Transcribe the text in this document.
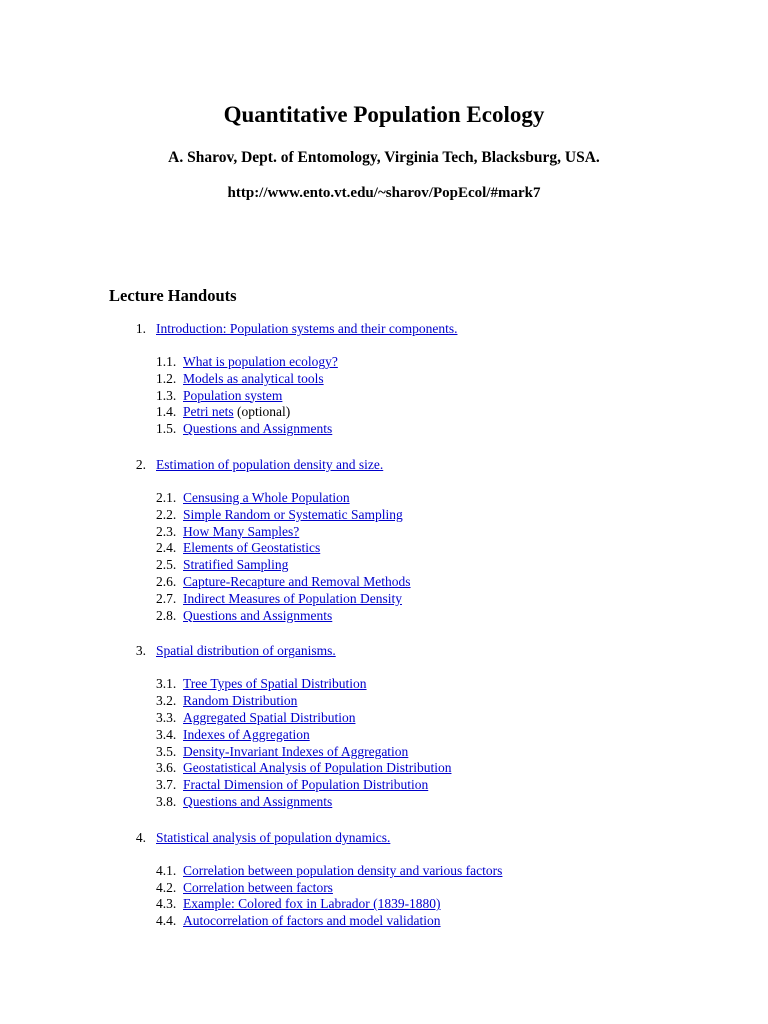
Quantitative Population Ecology
A. Sharov, Dept. of Entomology, Virginia Tech, Blacksburg, USA.
http://www.ento.vt.edu/~sharov/PopEcol/#mark7
Lecture Handouts
1. Introduction: Population systems and their components.
1.1. What is population ecology?
1.2. Models as analytical tools
1.3. Population system
1.4. Petri nets (optional)
1.5. Questions and Assignments
2. Estimation of population density and size.
2.1. Censusing a Whole Population
2.2. Simple Random or Systematic Sampling
2.3. How Many Samples?
2.4. Elements of Geostatistics
2.5. Stratified Sampling
2.6. Capture-Recapture and Removal Methods
2.7. Indirect Measures of Population Density
2.8. Questions and Assignments
3. Spatial distribution of organisms.
3.1. Tree Types of Spatial Distribution
3.2. Random Distribution
3.3. Aggregated Spatial Distribution
3.4. Indexes of Aggregation
3.5. Density-Invariant Indexes of Aggregation
3.6. Geostatistical Analysis of Population Distribution
3.7. Fractal Dimension of Population Distribution
3.8. Questions and Assignments
4. Statistical analysis of population dynamics.
4.1. Correlation between population density and various factors
4.2. Correlation between factors
4.3. Example: Colored fox in Labrador (1839-1880)
4.4. Autocorrelation of factors and model validation
